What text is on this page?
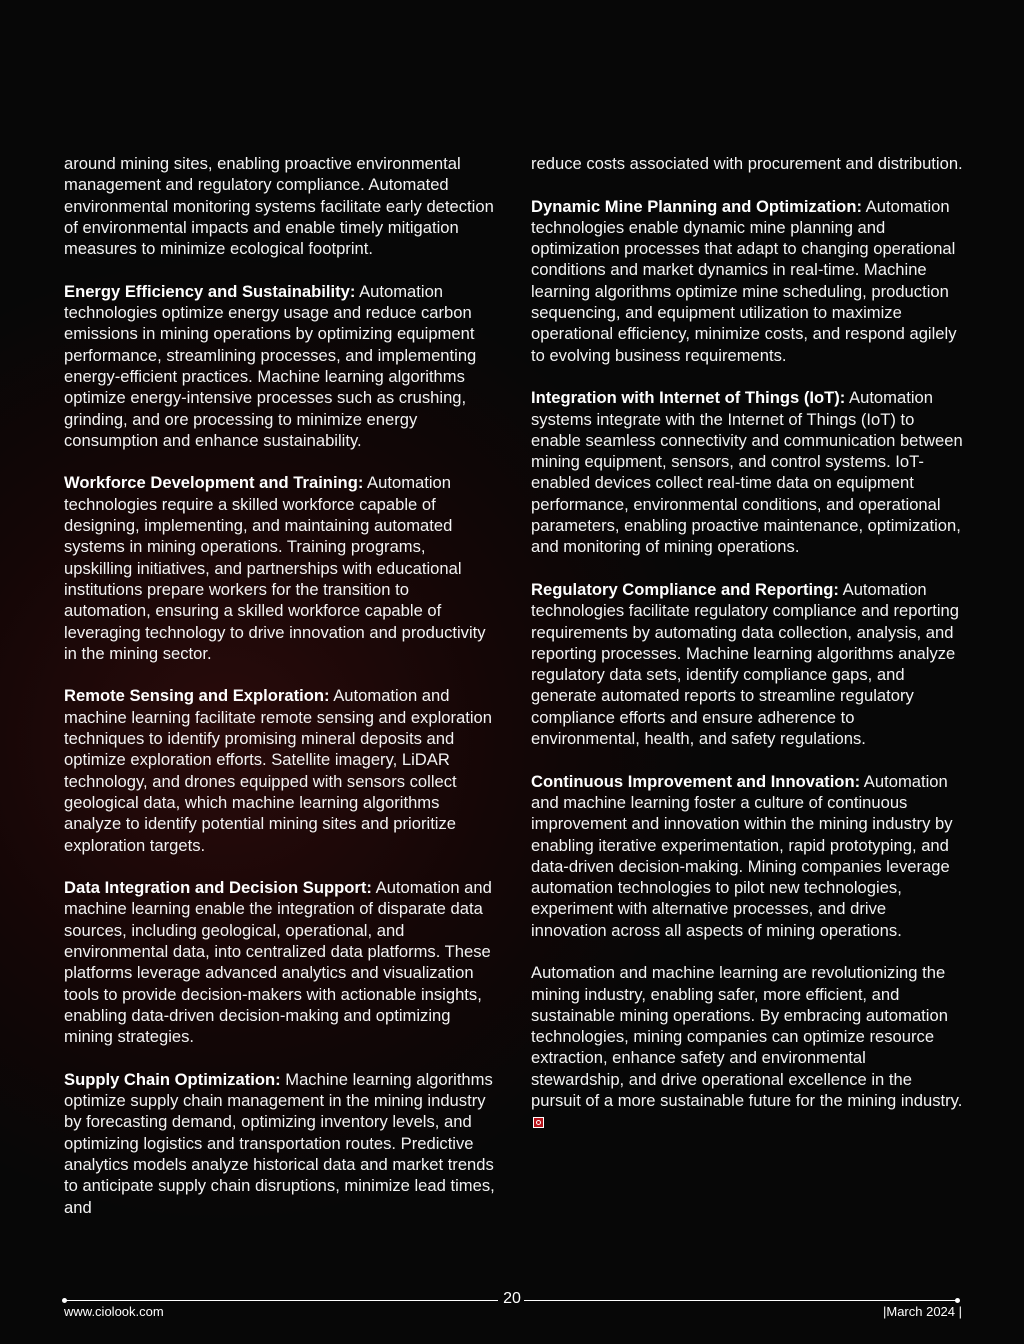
around mining sites, enabling proactive environmental management and regulatory compliance. Automated environmental monitoring systems facilitate early detection of environmental impacts and enable timely mitigation measures to minimize ecological footprint.

Energy Efficiency and Sustainability: Automation technologies optimize energy usage and reduce carbon emissions in mining operations by optimizing equipment performance, streamlining processes, and implementing energy-efficient practices. Machine learning algorithms optimize energy-intensive processes such as crushing, grinding, and ore processing to minimize energy consumption and enhance sustainability.

Workforce Development and Training: Automation technologies require a skilled workforce capable of designing, implementing, and maintaining automated systems in mining operations. Training programs, upskilling initiatives, and partnerships with educational institutions prepare workers for the transition to automation, ensuring a skilled workforce capable of leveraging technology to drive innovation and productivity in the mining sector.

Remote Sensing and Exploration: Automation and machine learning facilitate remote sensing and exploration techniques to identify promising mineral deposits and optimize exploration efforts. Satellite imagery, LiDAR technology, and drones equipped with sensors collect geological data, which machine learning algorithms analyze to identify potential mining sites and prioritize exploration targets.

Data Integration and Decision Support: Automation and machine learning enable the integration of disparate data sources, including geological, operational, and environmental data, into centralized data platforms. These platforms leverage advanced analytics and visualization tools to provide decision-makers with actionable insights, enabling data-driven decision-making and optimizing mining strategies.

Supply Chain Optimization: Machine learning algorithms optimize supply chain management in the mining industry by forecasting demand, optimizing inventory levels, and optimizing logistics and transportation routes. Predictive analytics models analyze historical data and market trends to anticipate supply chain disruptions, minimize lead times, and

reduce costs associated with procurement and distribution.

Dynamic Mine Planning and Optimization: Automation technologies enable dynamic mine planning and optimization processes that adapt to changing operational conditions and market dynamics in real-time. Machine learning algorithms optimize mine scheduling, production sequencing, and equipment utilization to maximize operational efficiency, minimize costs, and respond agilely to evolving business requirements.

Integration with Internet of Things (IoT): Automation systems integrate with the Internet of Things (IoT) to enable seamless connectivity and communication between mining equipment, sensors, and control systems. IoT-enabled devices collect real-time data on equipment performance, environmental conditions, and operational parameters, enabling proactive maintenance, optimization, and monitoring of mining operations.

Regulatory Compliance and Reporting: Automation technologies facilitate regulatory compliance and reporting requirements by automating data collection, analysis, and reporting processes. Machine learning algorithms analyze regulatory data sets, identify compliance gaps, and generate automated reports to streamline regulatory compliance efforts and ensure adherence to environmental, health, and safety regulations.

Continuous Improvement and Innovation: Automation and machine learning foster a culture of continuous improvement and innovation within the mining industry by enabling iterative experimentation, rapid prototyping, and data-driven decision-making. Mining companies leverage automation technologies to pilot new technologies, experiment with alternative processes, and drive innovation across all aspects of mining operations.

Automation and machine learning are revolutionizing the mining industry, enabling safer, more efficient, and sustainable mining operations. By embracing automation technologies, mining companies can optimize resource extraction, enhance safety and environmental stewardship, and drive operational excellence in the pursuit of a more sustainable future for the mining industry.

20
www.ciolook.com	|March 2024 |
